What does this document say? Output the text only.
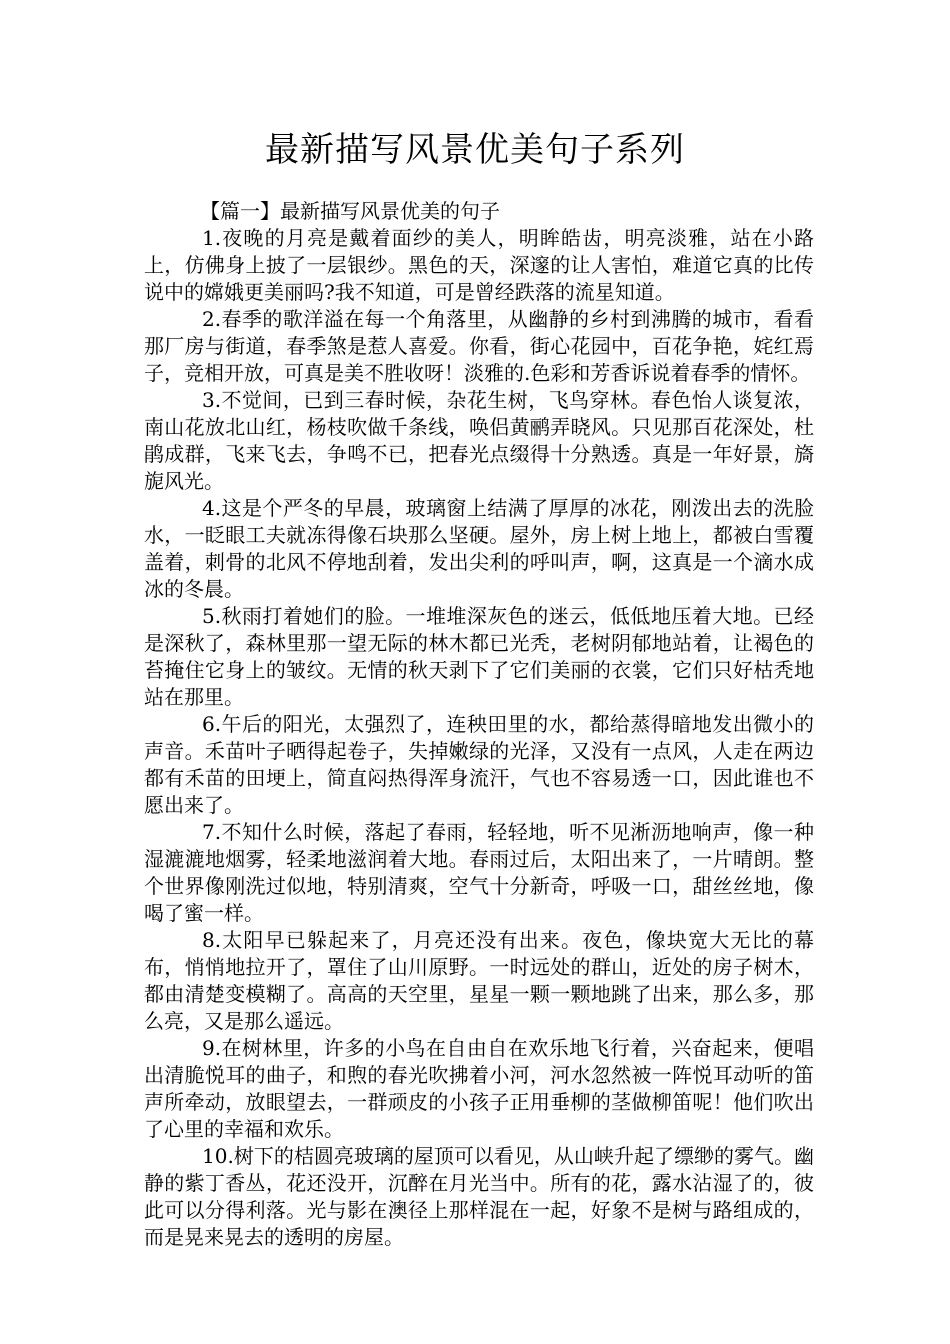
最新描写风景优美句子系列
【篇一】最新描写风景优美的句子

1.夜晚的月亮是戴着面纱的美人，明眸皓齿，明亮淡雅，站在小路上，仿佛身上披了一层银纱。黑色的天，深邃的让人害怕，难道它真的比传说中的嫦娥更美丽吗?我不知道，可是曾经跌落的流星知道。

2.春季的歌洋溢在每一个角落里，从幽静的乡村到沸腾的城市，看看那厂房与街道，春季煞是惹人喜爱。你看，街心花园中，百花争艳，姹红焉子，竞相开放，可真是美不胜收呀！淡雅的.色彩和芳香诉说着春季的情怀。

3.不觉间，已到三春时候，杂花生树，飞鸟穿林。春色怡人谈复浓，南山花放北山红，杨枝吹做千条线，唤侣黄鹂弄晓风。只见那百花深处，杜鹃成群，飞来飞去，争鸣不已，把春光点缀得十分熟透。真是一年好景，旖旎风光。

4.这是个严冬的早晨，玻璃窗上结满了厚厚的冰花，刚泼出去的洗脸水，一眨眼工夫就冻得像石块那么坚硬。屋外，房上树上地上，都被白雪覆盖着，刺骨的北风不停地刮着，发出尖利的呼叫声，啊，这真是一个滴水成冰的冬晨。

5.秋雨打着她们的脸。一堆堆深灰色的迷云，低低地压着大地。已经是深秋了，森林里那一望无际的林木都已光秃，老树阴郁地站着，让褐色的苔掩住它身上的皱纹。无情的秋天剥下了它们美丽的衣裳，它们只好枯秃地站在那里。

6.午后的阳光，太强烈了，连秧田里的水，都给蒸得暗地发出微小的声音。禾苗叶子晒得起卷子，失掉嫩绿的光泽，又没有一点风，人走在两边都有禾苗的田埂上，简直闷热得浑身流汗，气也不容易透一口，因此谁也不愿出来了。

7.不知什么时候，落起了春雨，轻轻地，听不见淅沥地响声，像一种湿漉漉地烟雾，轻柔地滋润着大地。春雨过后，太阳出来了，一片晴朗。整个世界像刚洗过似地，特别清爽，空气十分新奇，呼吸一口，甜丝丝地，像喝了蜜一样。

8.太阳早已躲起来了，月亮还没有出来。夜色，像块宽大无比的幕布，悄悄地拉开了，罩住了山川原野。一时远处的群山，近处的房子树木，都由清楚变模糊了。高高的天空里，星星一颗一颗地跳了出来，那么多，那么亮，又是那么遥远。

9.在树林里，许多的小鸟在自由自在欢乐地飞行着，兴奋起来，便唱出清脆悦耳的曲子，和煦的春光吹拂着小河，河水忽然被一阵悦耳动听的笛声所牵动，放眼望去，一群顽皮的小孩子正用垂柳的茎做柳笛呢！他们吹出了心里的幸福和欢乐。

10.树下的桔圆亮玻璃的屋顶可以看见，从山峡升起了缥缈的雾气。幽静的紫丁香丛，花还没开，沉醉在月光当中。所有的花，露水沾湿了的，彼此可以分得利落。光与影在澳径上那样混在一起，好象不是树与路组成的，而是晃来晃去的透明的房屋。
